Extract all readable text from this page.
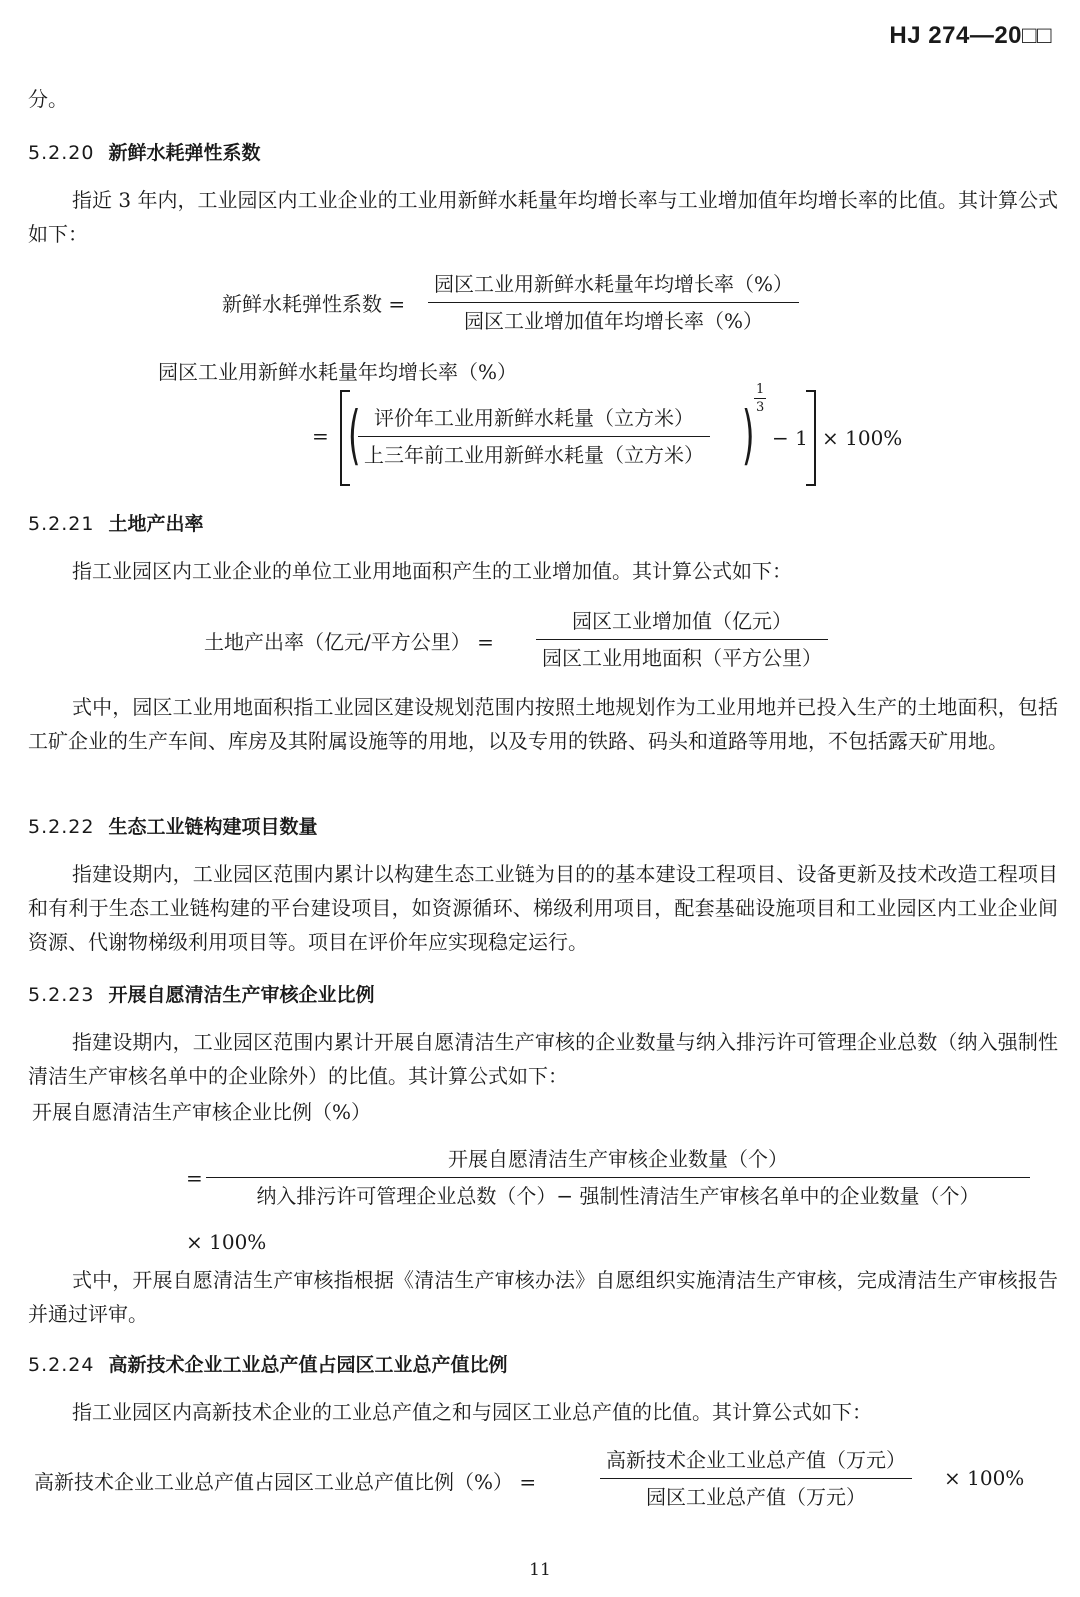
HJ 274—20□□
分。
5.2.20 新鲜水耗弹性系数
指近 3 年内，工业园区内工业企业的工业用新鲜水耗量年均增长率与工业增加值年均增长率的比值。其计算公式如下：
新鲜水耗弹性系数 =
园区工业用新鲜水耗量年均增长率（%）
园区工业增加值年均增长率（%）
园区工业用新鲜水耗量年均增长率（%）
= ( 评价年工业用新鲜水耗量（立方米）
上三年前工业用新鲜水耗量（立方米） )
1
3
− 1 × 100%
5.2.21 土地产出率
指工业园区内工业企业的单位工业用地面积产生的工业增加值。其计算公式如下：
土地产出率（亿元/平方公里） =
园区工业增加值（亿元）
园区工业用地面积（平方公里）
式中，园区工业用地面积指工业园区建设规划范围内按照土地规划作为工业用地并已投入生产的土地面积，包括工矿企业的生产车间、库房及其附属设施等的用地，以及专用的铁路、码头和道路等用地，不包括露天矿用地。
5.2.22 生态工业链构建项目数量
指建设期内，工业园区范围内累计以构建生态工业链为目的的基本建设工程项目、设备更新及技术改造工程项目和有利于生态工业链构建的平台建设项目，如资源循环、梯级利用项目，配套基础设施项目和工业园区内工业企业间资源、代谢物梯级利用项目等。项目在评价年应实现稳定运行。
5.2.23 开展自愿清洁生产审核企业比例
指建设期内，工业园区范围内累计开展自愿清洁生产审核的企业数量与纳入排污许可管理企业总数（纳入强制性清洁生产审核名单中的企业除外）的比值。其计算公式如下：
开展自愿清洁生产审核企业比例（%）
=
开展自愿清洁生产审核企业数量（个）
纳入排污许可管理企业总数（个）− 强制性清洁生产审核名单中的企业数量（个）
× 100%
式中，开展自愿清洁生产审核指根据《清洁生产审核办法》自愿组织实施清洁生产审核，完成清洁生产审核报告并通过评审。
5.2.24 高新技术企业工业总产值占园区工业总产值比例
指工业园区内高新技术企业的工业总产值之和与园区工业总产值的比值。其计算公式如下：
高新技术企业工业总产值占园区工业总产值比例（%） =
高新技术企业工业总产值（万元）
园区工业总产值（万元）
× 100%
11
